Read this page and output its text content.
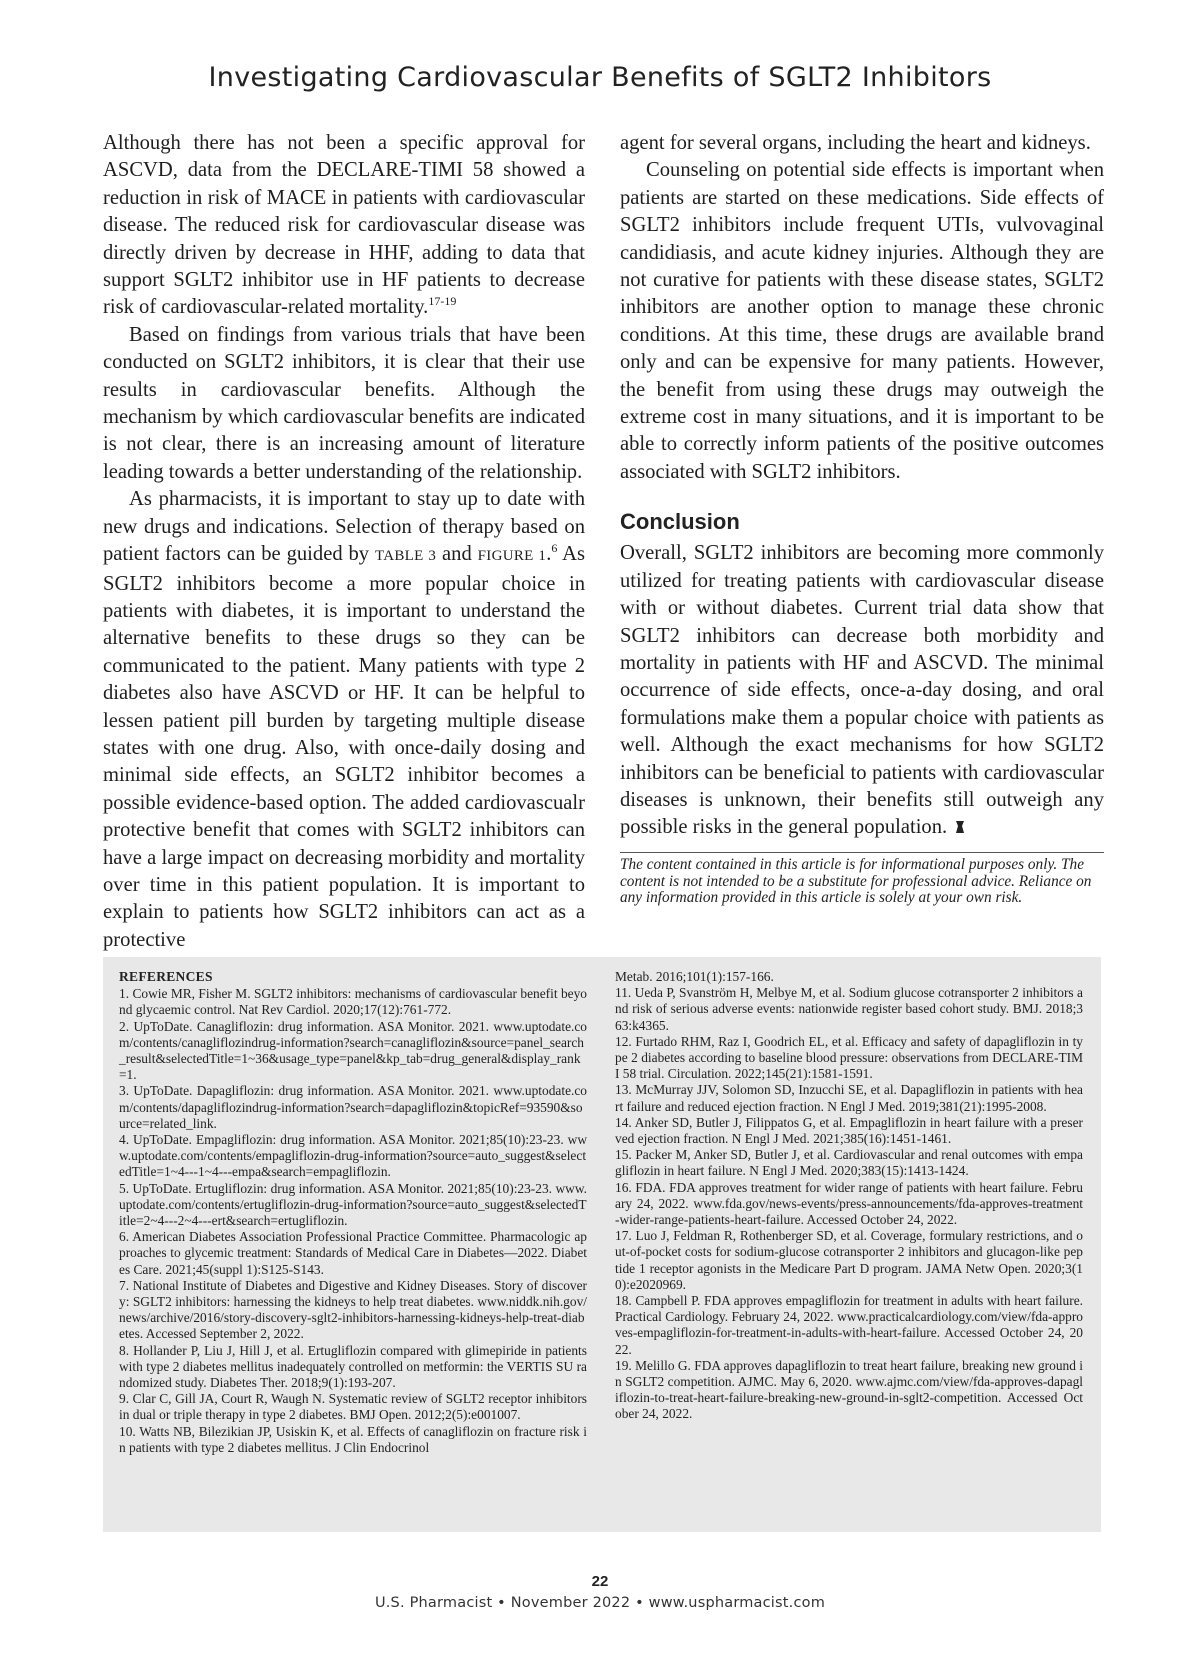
Investigating Cardiovascular Benefits of SGLT2 Inhibitors

Although there has not been a specific approval for ASCVD, data from the DECLARE-TIMI 58 showed a reduction in risk of MACE in patients with cardiovascular disease. The reduced risk for cardiovascular disease was directly driven by decrease in HHF, adding to data that support SGLT2 inhibitor use in HF patients to decrease risk of cardiovascular-related mortality.$^{17-19}$

Based on findings from various trials that have been conducted on SGLT2 inhibitors, it is clear that their use results in cardiovascular benefits. Although the mechanism by which cardiovascular benefits are indicated is not clear, there is an increasing amount of literature leading towards a better understanding of the relationship.

As pharmacists, it is important to stay up to date with new drugs and indications. Selection of therapy based on patient factors can be guided by TABLE 3 and FIGURE 1.$^6$ As SGLT2 inhibitors become a more popular choice in patients with diabetes, it is important to understand the alternative benefits to these drugs so they can be communicated to the patient. Many patients with type 2 diabetes also have ASCVD or HF. It can be helpful to lessen patient pill burden by targeting multiple disease states with one drug. Also, with once-daily dosing and minimal side effects, an SGLT2 inhibitor becomes a possible evidence-based option. The added cardiovascualr protective benefit that comes with SGLT2 inhibitors can have a large impact on decreasing morbidity and mortality over time in this patient population. It is important to explain to patients how SGLT2 inhibitors can act as a protective

agent for several organs, including the heart and kidneys.

Counseling on potential side effects is important when patients are started on these medications. Side effects of SGLT2 inhibitors include frequent UTIs, vulvovaginal candidiasis, and acute kidney injuries. Although they are not curative for patients with these disease states, SGLT2 inhibitors are another option to manage these chronic conditions. At this time, these drugs are available brand only and can be expensive for many patients. However, the benefit from using these drugs may outweigh the extreme cost in many situations, and it is important to be able to correctly inform patients of the positive outcomes associated with SGLT2 inhibitors.

Conclusion

Overall, SGLT2 inhibitors are becoming more commonly utilized for treating patients with cardiovascular disease with or without diabetes. Current trial data show that SGLT2 inhibitors can decrease both morbidity and mortality in patients with HF and ASCVD. The minimal occurrence of side effects, once-a-day dosing, and oral formulations make them a popular choice with patients as well. Although the exact mechanisms for how SGLT2 inhibitors can be beneficial to patients with cardiovascular diseases is unknown, their benefits still outweigh any possible risks in the general population.

The content contained in this article is for informational purposes only. The content is not intended to be a substitute for professional advice. Reliance on any information provided in this article is solely at your own risk.
REFERENCES

1. Cowie MR, Fisher M. SGLT2 inhibitors: mechanisms of cardiovascular benefit beyond glycaemic control. Nat Rev Cardiol. 2020;17(12):761-772.

2. UpToDate. Canagliflozin: drug information. ASA Monitor. 2021. www.uptodate.com/contents/canagliflozindrug-information?search=canagliflozin&source=panel_search_result&selectedTitle=1~36&usage_type=panel&kp_tab=drug_general&display_rank=1.

3. UpToDate. Dapagliflozin: drug information. ASA Monitor. 2021. www.uptodate.com/contents/dapagliflozindrug-information?search=dapagliflozin&topicRef=93590&source=related_link.

4. UpToDate. Empagliflozin: drug information. ASA Monitor. 2021;85(10):23-23. www.uptodate.com/contents/empagliflozin-drug-information?source=auto_suggest&selectedTitle=1~4---1~4---empa&search=empagliflozin.

5. UpToDate. Ertugliflozin: drug information. ASA Monitor. 2021;85(10):23-23. www.uptodate.com/contents/ertugliflozin-drug-information?source=auto_suggest&selectedTitle=2~4---2~4---ert&search=ertugliflozin.

6. American Diabetes Association Professional Practice Committee. Pharmacologic approaches to glycemic treatment: Standards of Medical Care in Diabetes—2022. Diabetes Care. 2021;45(suppl 1):S125-S143.

7. National Institute of Diabetes and Digestive and Kidney Diseases. Story of discovery: SGLT2 inhibitors: harnessing the kidneys to help treat diabetes. www.niddk.nih.gov/news/archive/2016/story-discovery-sglt2-inhibitors-harnessing-kidneys-help-treat-diabetes. Accessed September 2, 2022.

8. Hollander P, Liu J, Hill J, et al. Ertugliflozin compared with glimepiride in patients with type 2 diabetes mellitus inadequately controlled on metformin: the VERTIS SU randomized study. Diabetes Ther. 2018;9(1):193-207.

9. Clar C, Gill JA, Court R, Waugh N. Systematic review of SGLT2 receptor inhibitors in dual or triple therapy in type 2 diabetes. BMJ Open. 2012;2(5):e001007.

10. Watts NB, Bilezikian JP, Usiskin K, et al. Effects of canagliflozin on fracture risk in patients with type 2 diabetes mellitus. J Clin Endocrinol

Metab. 2016;101(1):157-166.

11. Ueda P, Svanström H, Melbye M, et al. Sodium glucose cotransporter 2 inhibitors and risk of serious adverse events: nationwide register based cohort study. BMJ. 2018;363:k4365.

12. Furtado RHM, Raz I, Goodrich EL, et al. Efficacy and safety of dapagliflozin in type 2 diabetes according to baseline blood pressure: observations from DECLARE-TIMI 58 trial. Circulation. 2022;145(21):1581-1591.

13. McMurray JJV, Solomon SD, Inzucchi SE, et al. Dapagliflozin in patients with heart failure and reduced ejection fraction. N Engl J Med. 2019;381(21):1995-2008.

14. Anker SD, Butler J, Filippatos G, et al. Empagliflozin in heart failure with a preserved ejection fraction. N Engl J Med. 2021;385(16):1451-1461.

15. Packer M, Anker SD, Butler J, et al. Cardiovascular and renal outcomes with empagliflozin in heart failure. N Engl J Med. 2020;383(15):1413-1424.

16. FDA. FDA approves treatment for wider range of patients with heart failure. February 24, 2022. www.fda.gov/news-events/press-announcements/fda-approves-treatment-wider-range-patients-heart-failure. Accessed October 24, 2022.

17. Luo J, Feldman R, Rothenberger SD, et al. Coverage, formulary restrictions, and out-of-pocket costs for sodium-glucose cotransporter 2 inhibitors and glucagon-like peptide 1 receptor agonists in the Medicare Part D program. JAMA Netw Open. 2020;3(10):e2020969.

18. Campbell P. FDA approves empagliflozin for treatment in adults with heart failure. Practical Cardiology. February 24, 2022. www.practicalcardiology.com/view/fda-approves-empagliflozin-for-treatment-in-adults-with-heart-failure. Accessed October 24, 2022.

19. Melillo G. FDA approves dapagliflozin to treat heart failure, breaking new ground in SGLT2 competition. AJMC. May 6, 2020. www.ajmc.com/view/fda-approves-dapagliflozin-to-treat-heart-failure-breaking-new-ground-in-sglt2-competition. Accessed October 24, 2022.

22
U.S. Pharmacist • November 2022 • www.uspharmacist.com
